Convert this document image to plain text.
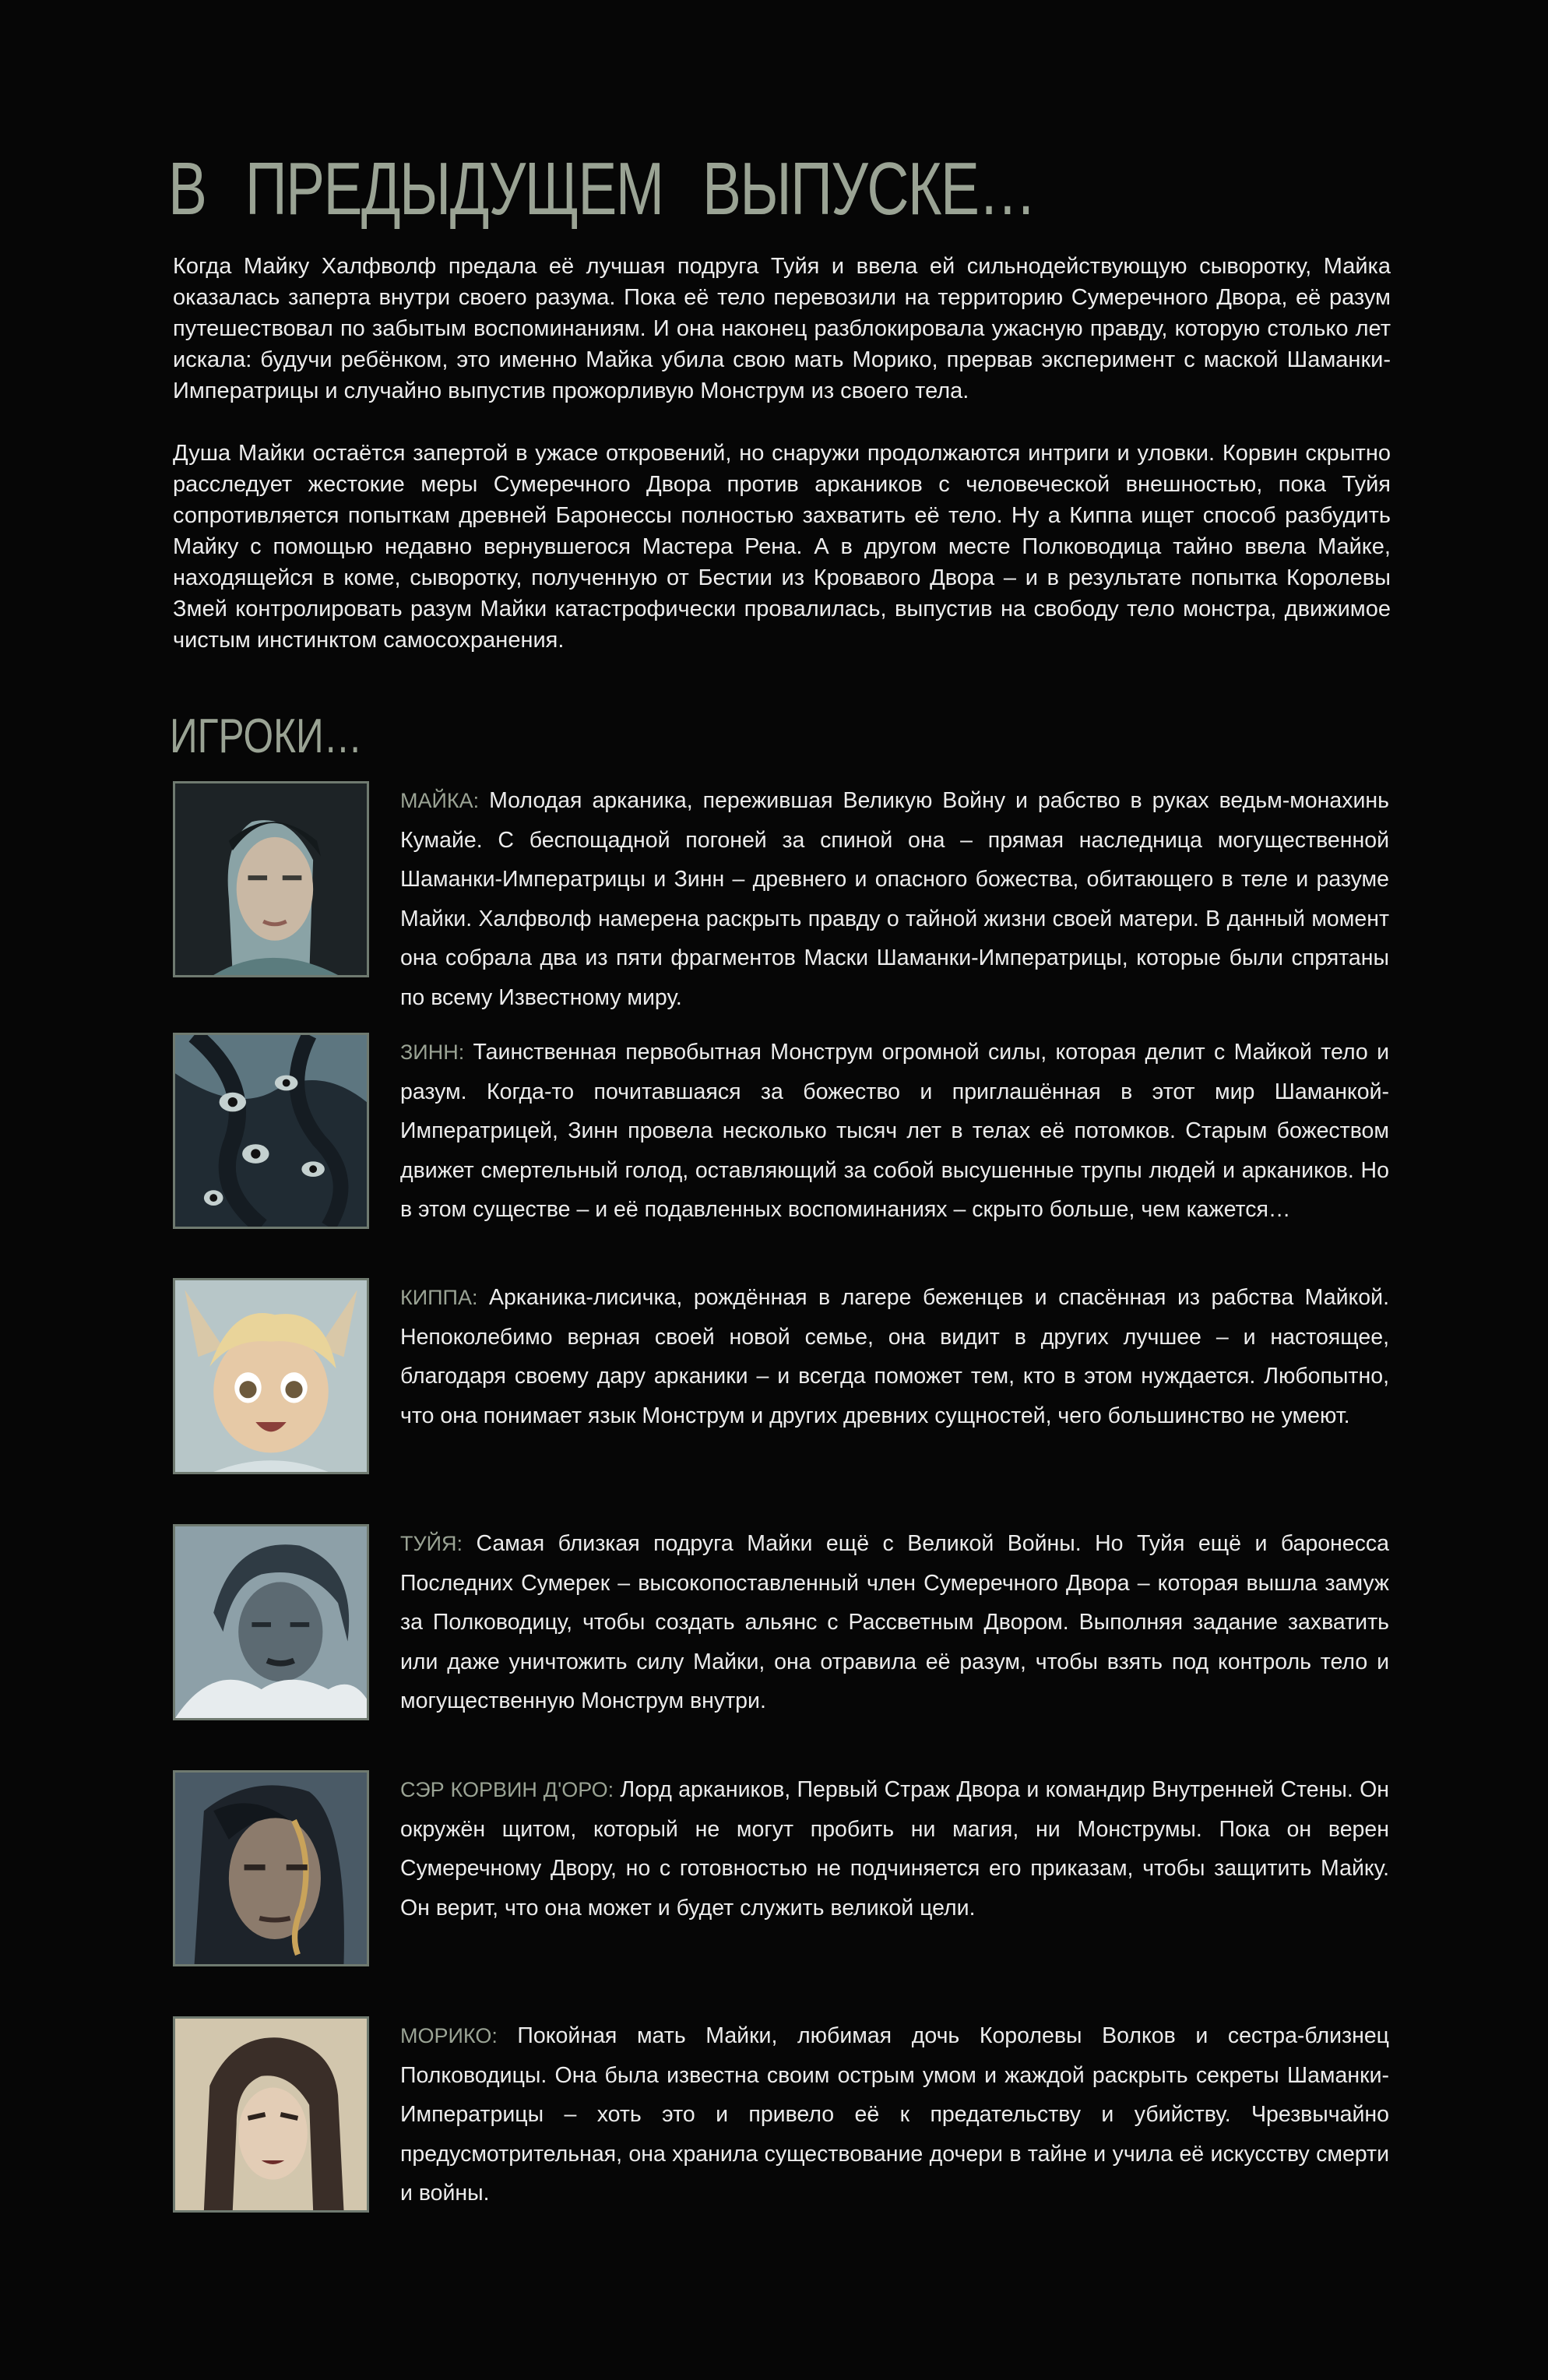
В ПРЕДЫДУЩЕМ ВЫПУСКЕ…

Когда Майку Халфволф предала её лучшая подруга Туйя и ввела ей сильнодействующую сыворотку, Майка оказалась заперта внутри своего разума. Пока её тело перевозили на территорию Сумеречного Двора, её разум путешествовал по забытым воспоминаниям. И она наконец разблокировала ужасную правду, которую столько лет искала: будучи ребёнком, это именно Майка убила свою мать Морико, прервав эксперимент с маской Шаманки-Императрицы и случайно выпустив прожорливую Монструм из своего тела.

Душа Майки остаётся запертой в ужасе откровений, но снаружи продолжаются интриги и уловки. Корвин скрытно расследует жестокие меры Сумеречного Двора против аркаников с человеческой внешностью, пока Туйя сопротивляется попыткам древней Баронессы полностью захватить её тело. Ну а Киппа ищет способ разбудить Майку с помощью недавно вернувшегося Мастера Рена. А в другом месте Полководица тайно ввела Майке, находящейся в коме, сыворотку, полученную от Бестии из Кровавого Двора – и в результате попытка Королевы Змей контролировать разум Майки катастрофически провалилась, выпустив на свободу тело монстра, движимое чистым инстинктом самосохранения.

ИГРОКИ…
МАЙКА: Молодая арканика, пережившая Великую Войну и рабство в руках ведьм-монахинь Кумайе. С беспощадной погоней за спиной она – прямая наследница могущественной Шаманки-Императрицы и Зинн – древнего и опасного божества, обитающего в теле и разуме Майки. Халфволф намерена раскрыть правду о тайной жизни своей матери. В данный момент она собрала два из пяти фрагментов Маски Шаманки-Императрицы, которые были спрятаны по всему Известному миру.
ЗИНН: Таинственная первобытная Монструм огромной силы, которая делит с Майкой тело и разум. Когда-то почитавшаяся за божество и приглашённая в этот мир Шаманкой-Императрицей, Зинн провела несколько тысяч лет в телах её потомков. Старым божеством движет смертельный голод, оставляющий за собой высушенные трупы людей и аркаников. Но в этом существе – и её подавленных воспоминаниях – скрыто больше, чем кажется…
КИППА: Арканика-лисичка, рождённая в лагере беженцев и спасённая из рабства Майкой. Непоколебимо верная своей новой семье, она видит в других лучшее – и настоящее, благодаря своему дару арканики – и всегда поможет тем, кто в этом нуждается. Любопытно, что она понимает язык Монструм и других древних сущностей, чего большинство не умеют.
ТУЙЯ: Самая близкая подруга Майки ещё с Великой Войны. Но Туйя ещё и баронесса Последних Сумерек – высокопоставленный член Сумеречного Двора – которая вышла замуж за Полководицу, чтобы создать альянс с Рассветным Двором. Выполняя задание захватить или даже уничтожить силу Майки, она отравила её разум, чтобы взять под контроль тело и могущественную Монструм внутри.
СЭР КОРВИН Д'ОРО: Лорд аркаников, Первый Страж Двора и командир Внутренней Стены. Он окружён щитом, который не могут пробить ни магия, ни Монструмы. Пока он верен Сумеречному Двору, но с готовностью не подчиняется его приказам, чтобы защитить Майку. Он верит, что она может и будет служить великой цели.
МОРИКО: Покойная мать Майки, любимая дочь Королевы Волков и сестра-близнец Полководицы. Она была известна своим острым умом и жаждой раскрыть секреты Шаманки-Императрицы – хоть это и привело её к предательству и убийству. Чрезвычайно предусмотрительная, она хранила существование дочери в тайне и учила её искусству смерти и войны.
